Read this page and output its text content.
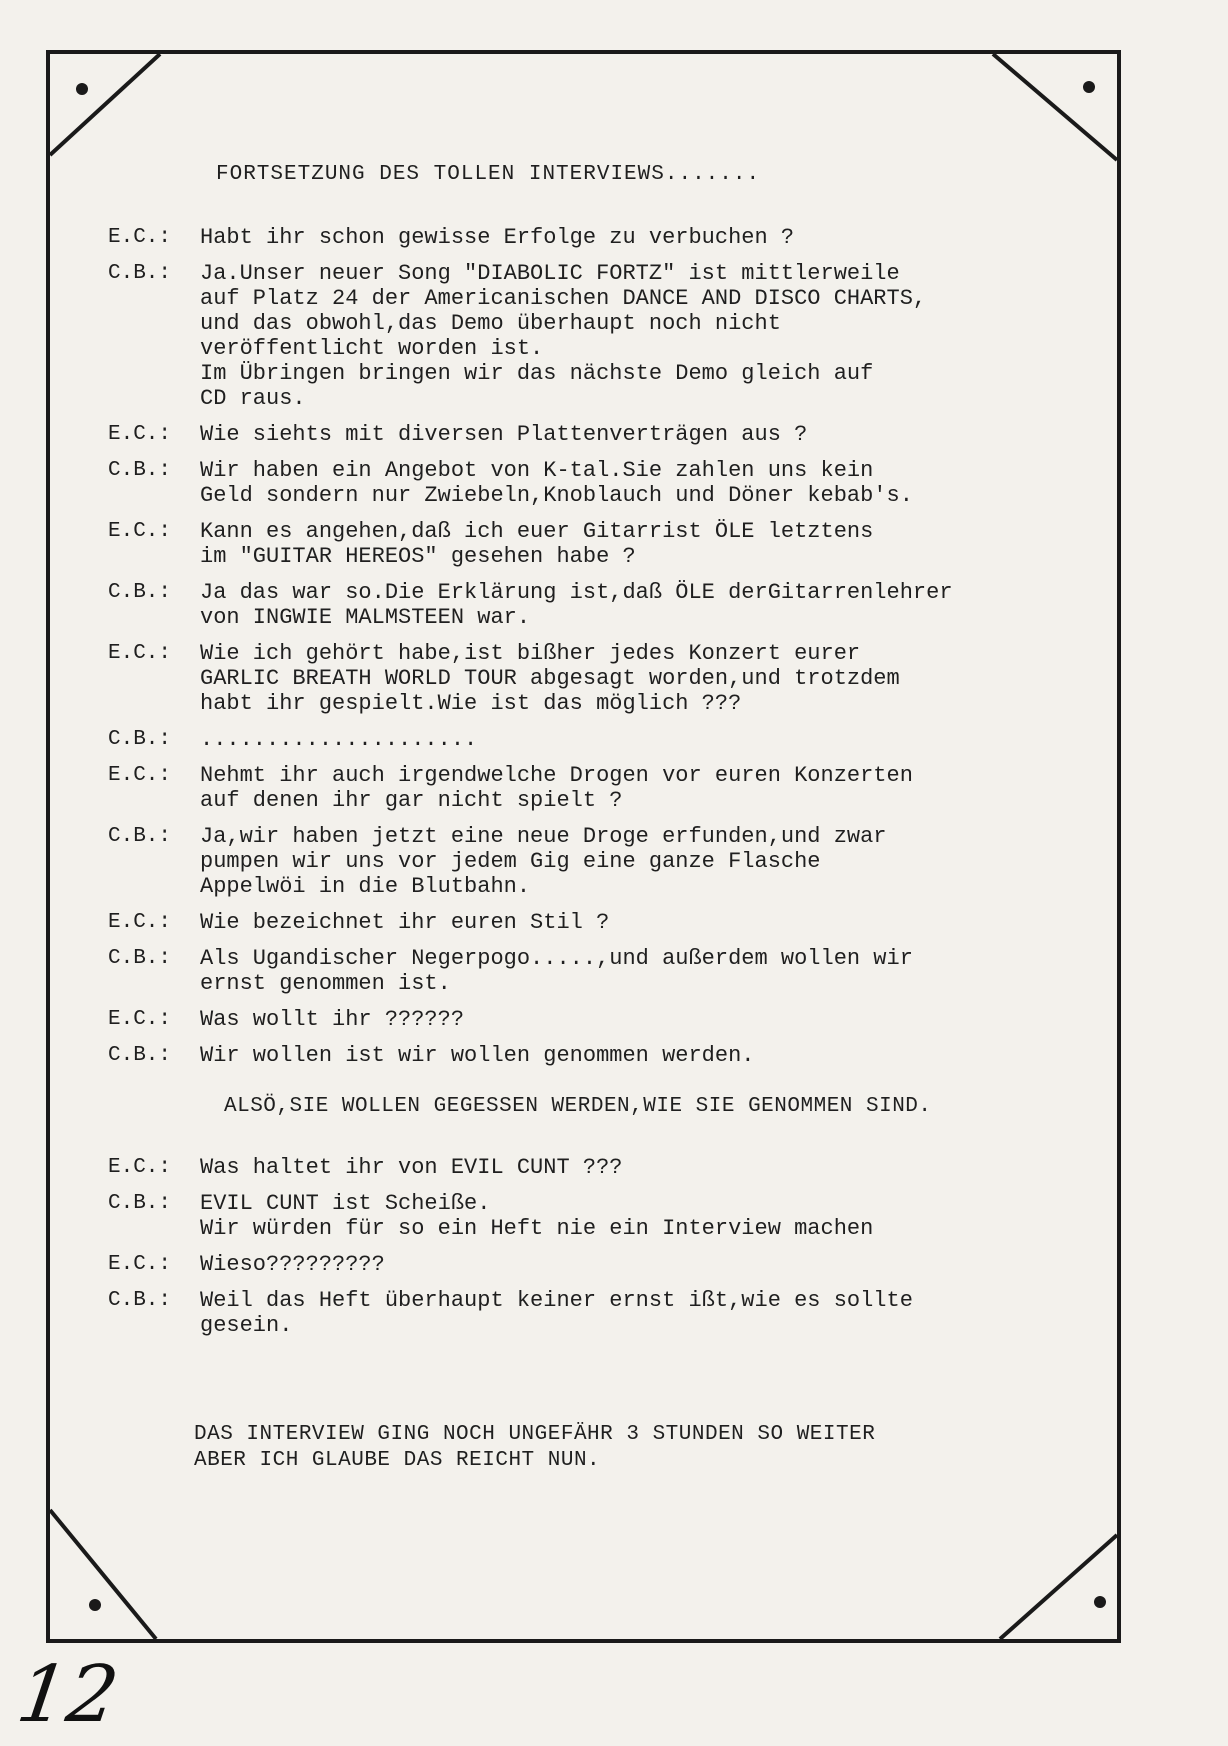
FORTSETZUNG DES TOLLEN INTERVIEWS.......
E.C.:	Habt ihr schon gewisse Erfolge zu verbuchen ?
C.B.:	Ja.Unser neuer Song "DIABOLIC FORTZ" ist mittlerweile
auf Platz 24 der Americanischen DANCE AND DISCO CHARTS,
und das obwohl,das Demo überhaupt noch nicht
veröffentlicht worden ist.
Im Übringen bringen wir das nächste Demo gleich auf
CD raus.
E.C.:	Wie siehts mit diversen Plattenverträgen aus ?
C.B.:	Wir haben ein Angebot von K-tal.Sie zahlen uns kein
Geld sondern nur Zwiebeln,Knoblauch und Döner kebab's.
E.C.:	Kann es angehen,daß ich euer Gitarrist ÖLE letztens
im "GUITAR HEREOS" gesehen habe ?
C.B.:	Ja das war so.Die Erklärung ist,daß ÖLE derGitarrenlehrer
von INGWIE MALMSTEEN war.
E.C.:	Wie ich gehört habe,ist bißher jedes Konzert eurer
GARLIC BREATH WORLD TOUR abgesagt worden,und trotzdem
habt ihr gespielt.Wie ist das möglich ???
C.B.:	.....................
E.C.:	Nehmt ihr auch irgendwelche Drogen vor euren Konzerten
auf denen ihr gar nicht spielt ?
C.B.:	Ja,wir haben jetzt eine neue Droge erfunden,und zwar
pumpen wir uns vor jedem Gig eine ganze Flasche
Appelwöi in die Blutbahn.
E.C.:	Wie bezeichnet ihr euren Stil ?
C.B.:	Als Ugandischer Negerpogo.....,und außerdem wollen wir
ernst genommen ist.
E.C.:	Was wollt ihr ??????
C.B.:	Wir wollen ist wir wollen genommen werden.
ALSÖ,SIE WOLLEN GEGESSEN WERDEN,WIE SIE GENOMMEN SIND.
E.C.:	Was haltet ihr von EVIL CUNT ???
C.B.:	EVIL CUNT ist Scheiße.
Wir würden für so ein Heft nie ein Interview machen
E.C.:	Wieso?????????
C.B.:	Weil das Heft überhaupt keiner ernst ißt,wie es sollte
gesein.
DAS INTERVIEW GING NOCH UNGEFÄHR 3 STUNDEN SO WEITER
ABER ICH GLAUBE DAS REICHT NUN.
12
